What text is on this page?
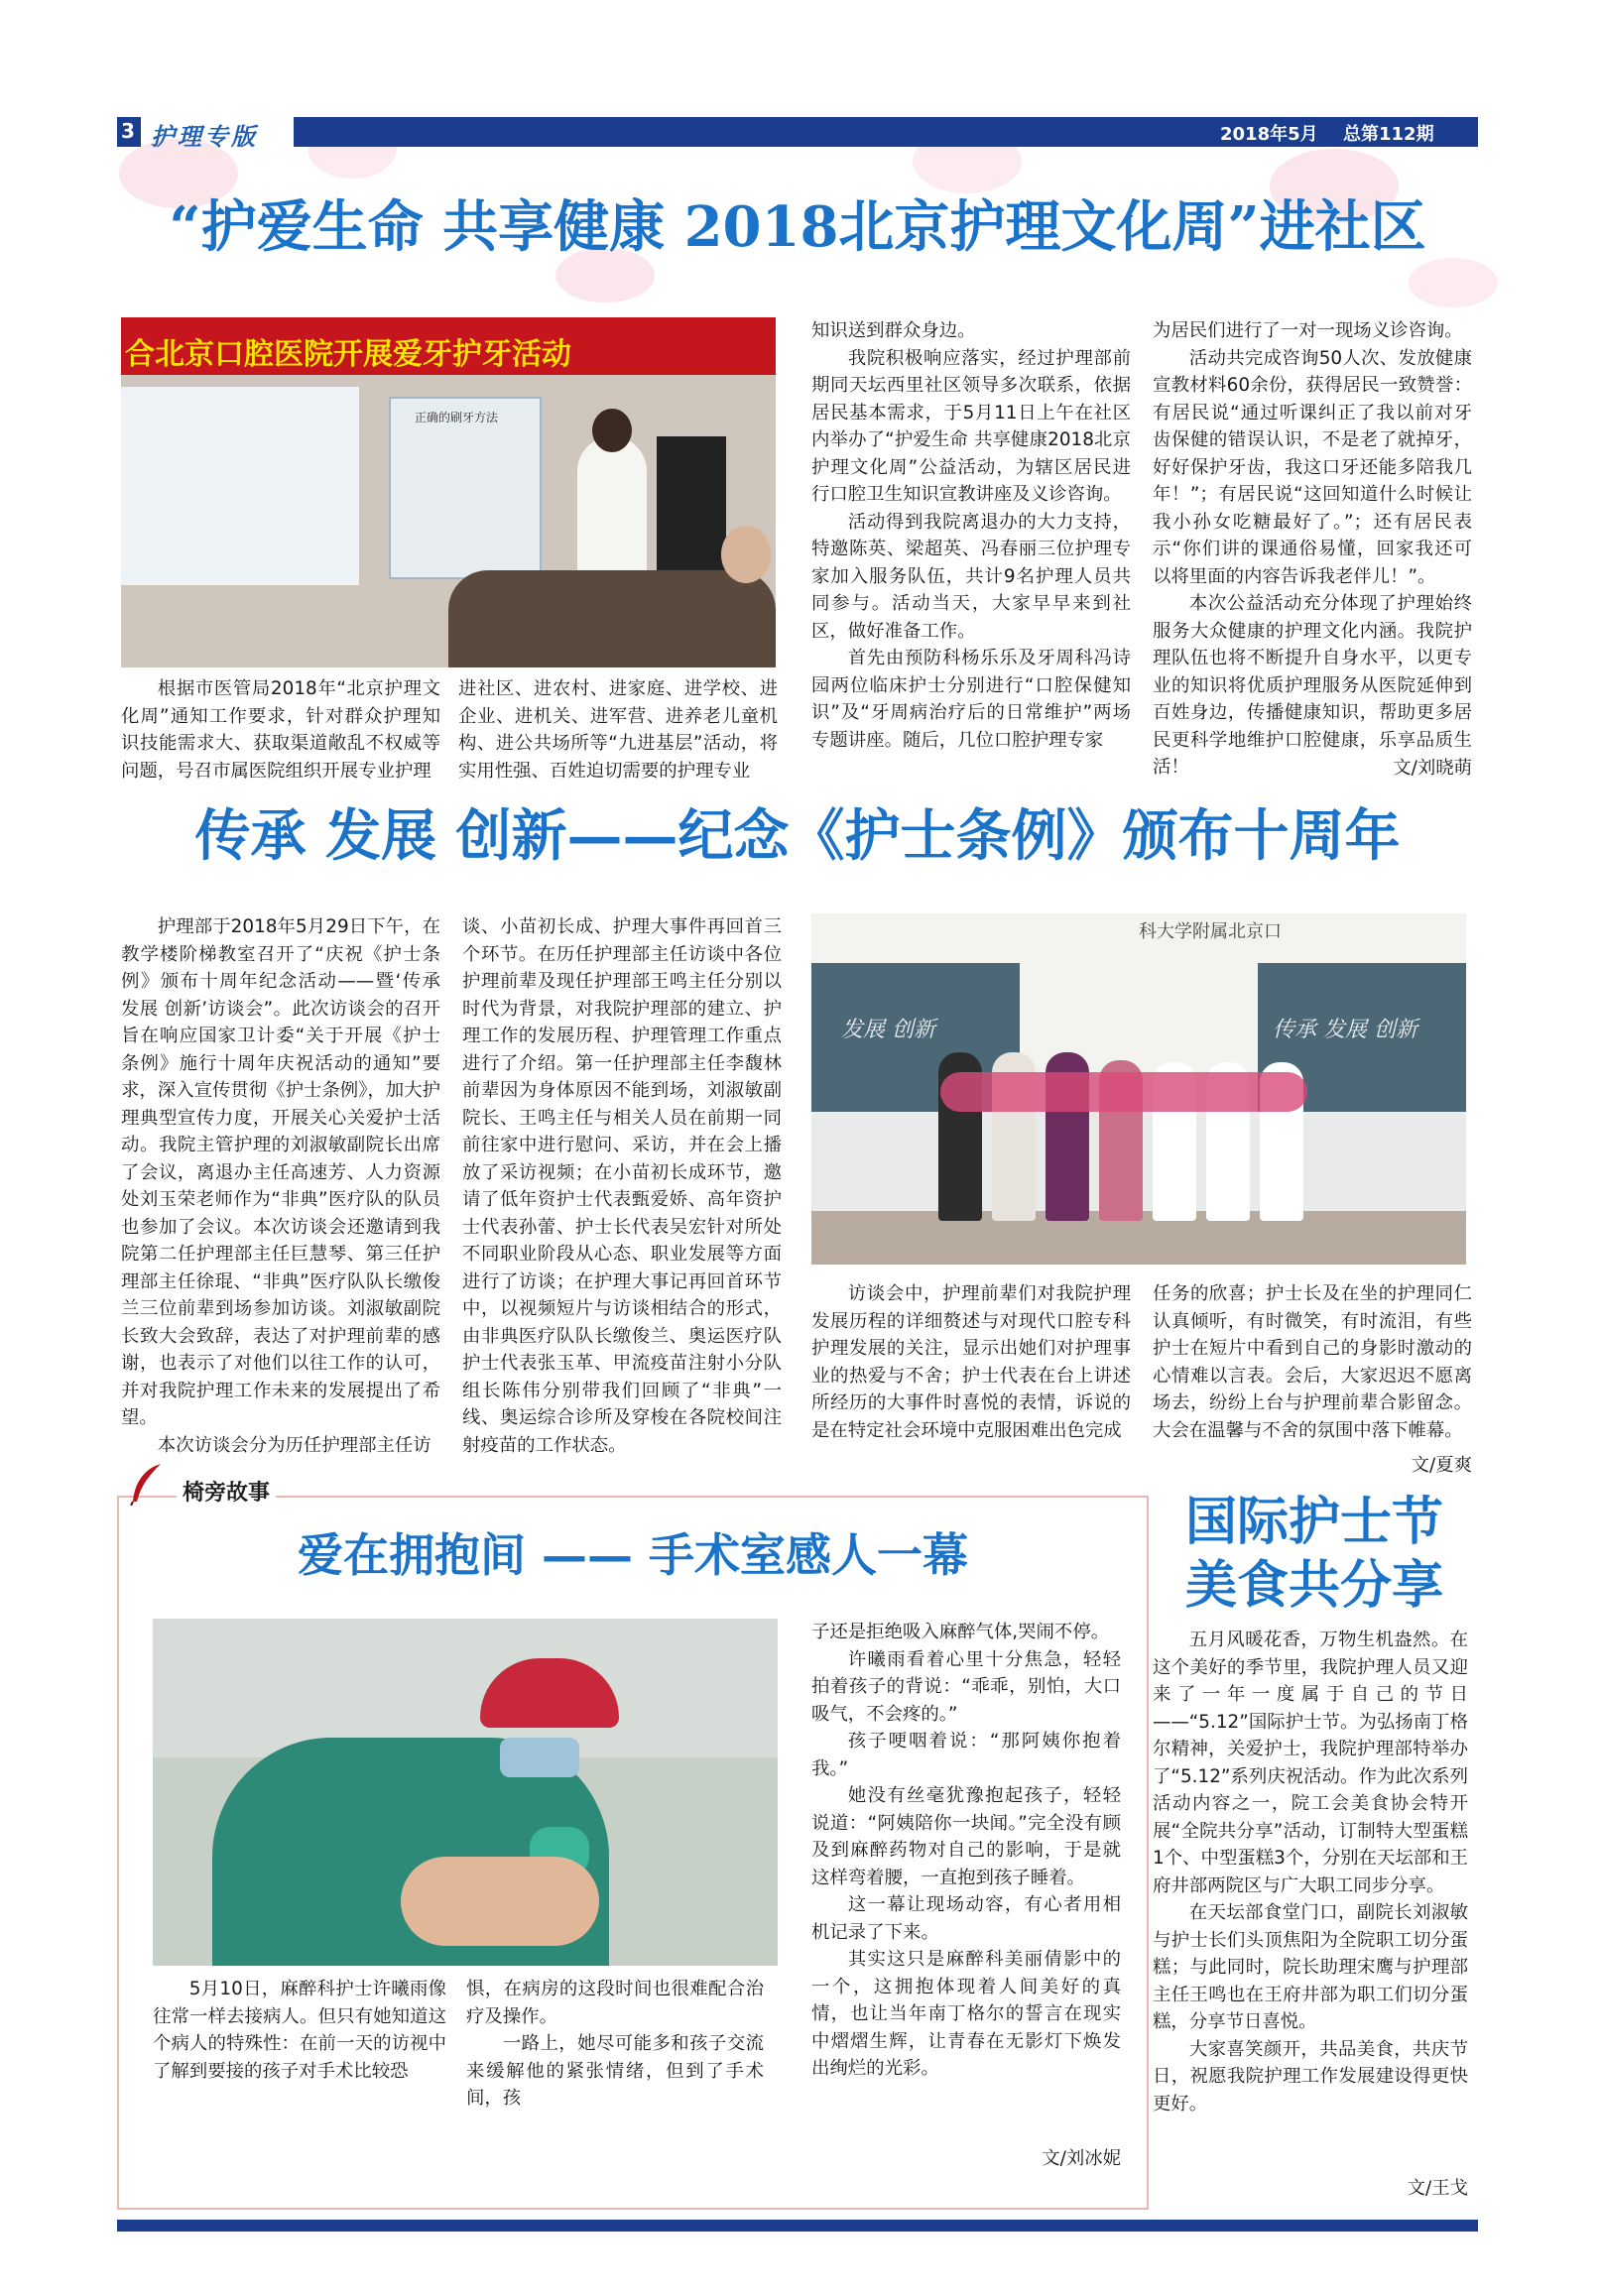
3 护理专版	2018年5月 总第112期
“护爱生命 共享健康 2018北京护理文化周”进社区
合北京口腔医院开展爱牙护牙活动
正确的刷牙方法

根据市医管局2018年“北京护理文化周”通知工作要求，针对群众护理知识技能需求大、获取渠道敞乱不权威等问题，号召市属医院组织开展专业护理

进社区、进农村、进家庭、进学校、进企业、进机关、进军营、进养老儿童机构、进公共场所等“九进基层”活动，将实用性强、百姓迫切需要的护理专业

知识送到群众身边。

我院积极响应落实，经过护理部前期同天坛西里社区领导多次联系，依据居民基本需求，于5月11日上午在社区内举办了“护爱生命 共享健康2018北京护理文化周”公益活动，为辖区居民进行口腔卫生知识宣教讲座及义诊咨询。

活动得到我院离退办的大力支持，特邀陈英、梁超英、冯春丽三位护理专家加入服务队伍，共计9名护理人员共同参与。活动当天，大家早早来到社区，做好准备工作。

首先由预防科杨乐乐及牙周科冯诗园两位临床护士分别进行“口腔保健知识”及“牙周病治疗后的日常维护”两场专题讲座。随后，几位口腔护理专家

为居民们进行了一对一现场义诊咨询。

活动共完成咨询50人次、发放健康宣教材料60余份，获得居民一致赞誉：有居民说“通过听课纠正了我以前对牙齿保健的错误认识，不是老了就掉牙，好好保护牙齿，我这口牙还能多陪我几年！”；有居民说“这回知道什么时候让我小孙女吃糖最好了。”；还有居民表示“你们讲的课通俗易懂，回家我还可以将里面的内容告诉我老伴儿！”。

本次公益活动充分体现了护理始终服务大众健康的护理文化内涵。我院护理队伍也将不断提升自身水平，以更专业的知识将优质护理服务从医院延伸到百姓身边，传播健康知识，帮助更多居民更科学地维护口腔健康，乐享品质生活！	文/刘晓萌
传承 发展 创新——纪念《护士条例》颁布十周年

护理部于2018年5月29日下午，在教学楼阶梯教室召开了“庆祝《护士条例》颁布十周年纪念活动——暨‘传承 发展 创新’访谈会”。此次访谈会的召开旨在响应国家卫计委“关于开展《护士条例》施行十周年庆祝活动的通知”要求，深入宣传贯彻《护士条例》，加大护理典型宣传力度，开展关心关爱护士活动。我院主管护理的刘淑敏副院长出席了会议，离退办主任高速芳、人力资源处刘玉荣老师作为“非典”医疗队的队员也参加了会议。本次访谈会还邀请到我院第二任护理部主任巨慧琴、第三任护理部主任徐琨、“非典”医疗队队长缴俊兰三位前辈到场参加访谈。刘淑敏副院长致大会致辞，表达了对护理前辈的感谢，也表示了对他们以往工作的认可，并对我院护理工作未来的发展提出了希望。

本次访谈会分为历任护理部主任访

谈、小苗初长成、护理大事件再回首三个环节。在历任护理部主任访谈中各位护理前辈及现任护理部王鸣主任分别以时代为背景，对我院护理部的建立、护理工作的发展历程、护理管理工作重点进行了介绍。第一任护理部主任李馥林前辈因为身体原因不能到场，刘淑敏副院长、王鸣主任与相关人员在前期一同前往家中进行慰问、采访，并在会上播放了采访视频；在小苗初长成环节，邀请了低年资护士代表甄爱娇、高年资护士代表孙蕾、护士长代表吴宏针对所处不同职业阶段从心态、职业发展等方面进行了访谈；在护理大事记再回首环节中，以视频短片与访谈相结合的形式，由非典医疗队队长缴俊兰、奥运医疗队护士代表张玉革、甲流疫苗注射小分队组长陈伟分别带我们回顾了“非典”一线、奥运综合诊所及穿梭在各院校间注射疫苗的工作状态。

科大学附属北京口
发展 创新	传承 发展 创新

访谈会中，护理前辈们对我院护理发展历程的详细赘述与对现代口腔专科护理发展的关注，显示出她们对护理事业的热爱与不舍；护士代表在台上讲述所经历的大事件时喜悦的表情，诉说的是在特定社会环境中克服困难出色完成

任务的欣喜；护士长及在坐的护理同仁认真倾听，有时微笑，有时流泪，有些护士在短片中看到自己的身影时激动的心情难以言表。会后，大家迟迟不愿离场去，纷纷上台与护理前辈合影留念。大会在温馨与不舍的氛围中落下帷幕。

文/夏爽
椅旁故事
爱在拥抱间 —— 手术室感人一幕

5月10日，麻醉科护士许曦雨像往常一样去接病人。但只有她知道这个病人的特殊性：在前一天的访视中了解到要接的孩子对手术比较恐

惧，在病房的这段时间也很难配合治疗及操作。

一路上，她尽可能多和孩子交流来缓解他的紧张情绪，但到了手术间，孩

子还是拒绝吸入麻醉气体,哭闹不停。

许曦雨看着心里十分焦急，轻轻拍着孩子的背说：“乖乖，别怕，大口吸气，不会疼的。”

孩子哽咽着说：“那阿姨你抱着我。”

她没有丝毫犹豫抱起孩子，轻轻说道：“阿姨陪你一块闻。”完全没有顾及到麻醉药物对自己的影响，于是就这样弯着腰，一直抱到孩子睡着。

这一幕让现场动容，有心者用相机记录了下来。

其实这只是麻醉科美丽倩影中的一个，这拥抱体现着人间美好的真情，也让当年南丁格尔的誓言在现实中熠熠生辉，让青春在无影灯下焕发出绚烂的光彩。

文/刘冰妮
国际护士节
美食共分享

五月风暖花香，万物生机盎然。在这个美好的季节里，我院护理人员又迎来了一年一度属于自己的节日——“5.12”国际护士节。为弘扬南丁格尔精神，关爱护士，我院护理部特举办了“5.12”系列庆祝活动。作为此次系列活动内容之一，院工会美食协会特开展“全院共分享”活动，订制特大型蛋糕1个、中型蛋糕3个，分别在天坛部和王府井部两院区与广大职工同步分享。

在天坛部食堂门口，副院长刘淑敏与护士长们头顶焦阳为全院职工切分蛋糕；与此同时，院长助理宋鹰与护理部主任王鸣也在王府井部为职工们切分蛋糕，分享节日喜悦。

大家喜笑颜开，共品美食，共庆节日，祝愿我院护理工作发展建设得更快更好。

文/王戈
